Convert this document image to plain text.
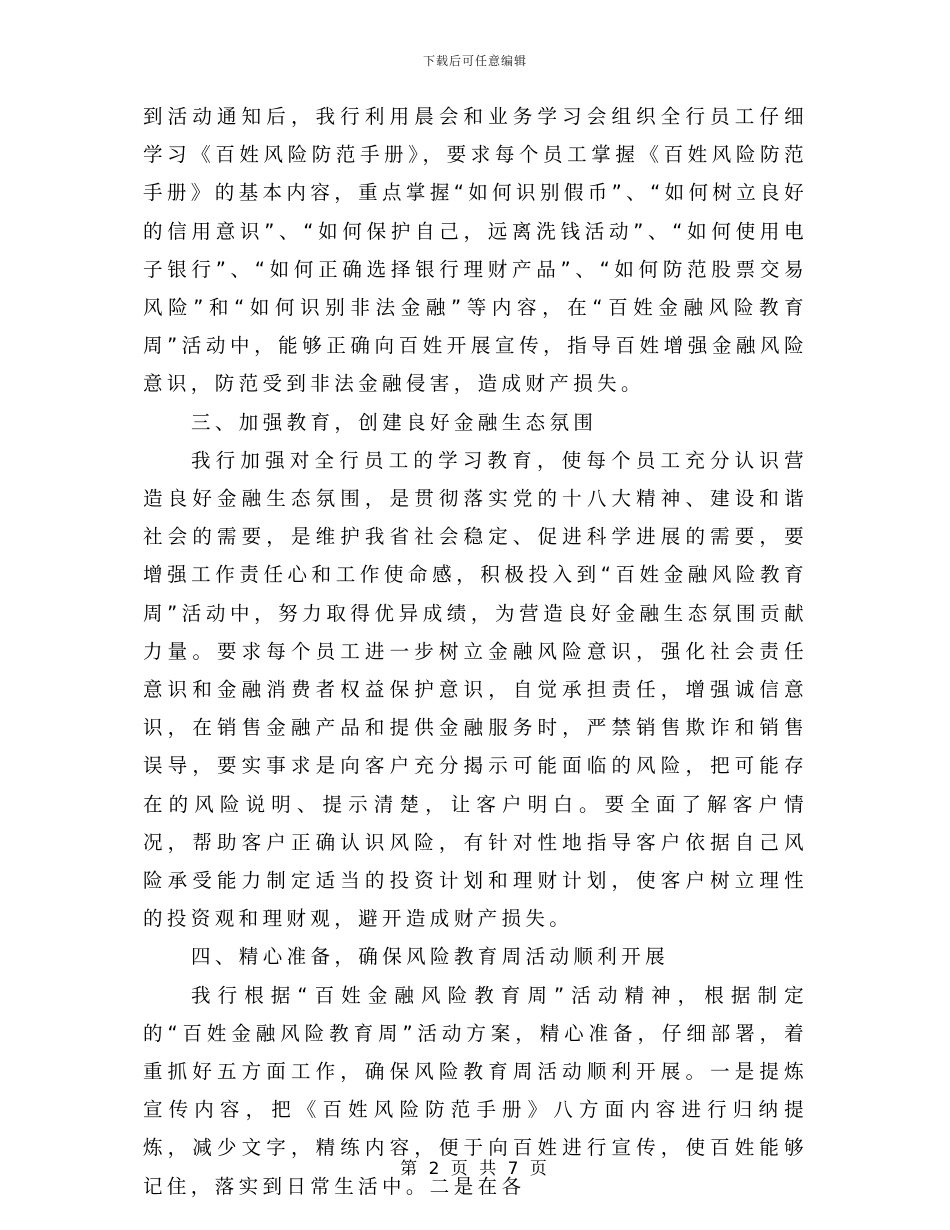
下载后可任意编辑

到活动通知后，我行利用晨会和业务学习会组织全行员工仔细学习《百姓风险防范手册》，要求每个员工掌握《百姓风险防范手册》的基本内容，重点掌握“如何识别假币”、“如何树立良好的信用意识”、“如何保护自己，远离洗钱活动”、“如何使用电子银行”、“如何正确选择银行理财产品”、“如何防范股票交易风险”和“如何识别非法金融”等内容，在“百姓金融风险教育周”活动中，能够正确向百姓开展宣传，指导百姓增强金融风险意识，防范受到非法金融侵害，造成财产损失。

三、加强教育，创建良好金融生态氛围

我行加强对全行员工的学习教育，使每个员工充分认识营造良好金融生态氛围，是贯彻落实党的十八大精神、建设和谐社会的需要，是维护我省社会稳定、促进科学进展的需要，要增强工作责任心和工作使命感，积极投入到“百姓金融风险教育周”活动中，努力取得优异成绩，为营造良好金融生态氛围贡献力量。要求每个员工进一步树立金融风险意识，强化社会责任意识和金融消费者权益保护意识，自觉承担责任，增强诚信意识，在销售金融产品和提供金融服务时，严禁销售欺诈和销售误导，要实事求是向客户充分揭示可能面临的风险，把可能存在的风险说明、提示清楚，让客户明白。要全面了解客户情况，帮助客户正确认识风险，有针对性地指导客户依据自己风险承受能力制定适当的投资计划和理财计划，使客户树立理性的投资观和理财观，避开造成财产损失。

四、精心准备，确保风险教育周活动顺利开展

我行根据“百姓金融风险教育周”活动精神，根据制定的“百姓金融风险教育周”活动方案，精心准备，仔细部署，着重抓好五方面工作，确保风险教育周活动顺利开展。一是提炼宣传内容，把《百姓风险防范手册》八方面内容进行归纳提炼，减少文字，精练内容，便于向百姓进行宣传，使百姓能够记住，落实到日常生活中。二是在各

第 2 页 共 7 页
